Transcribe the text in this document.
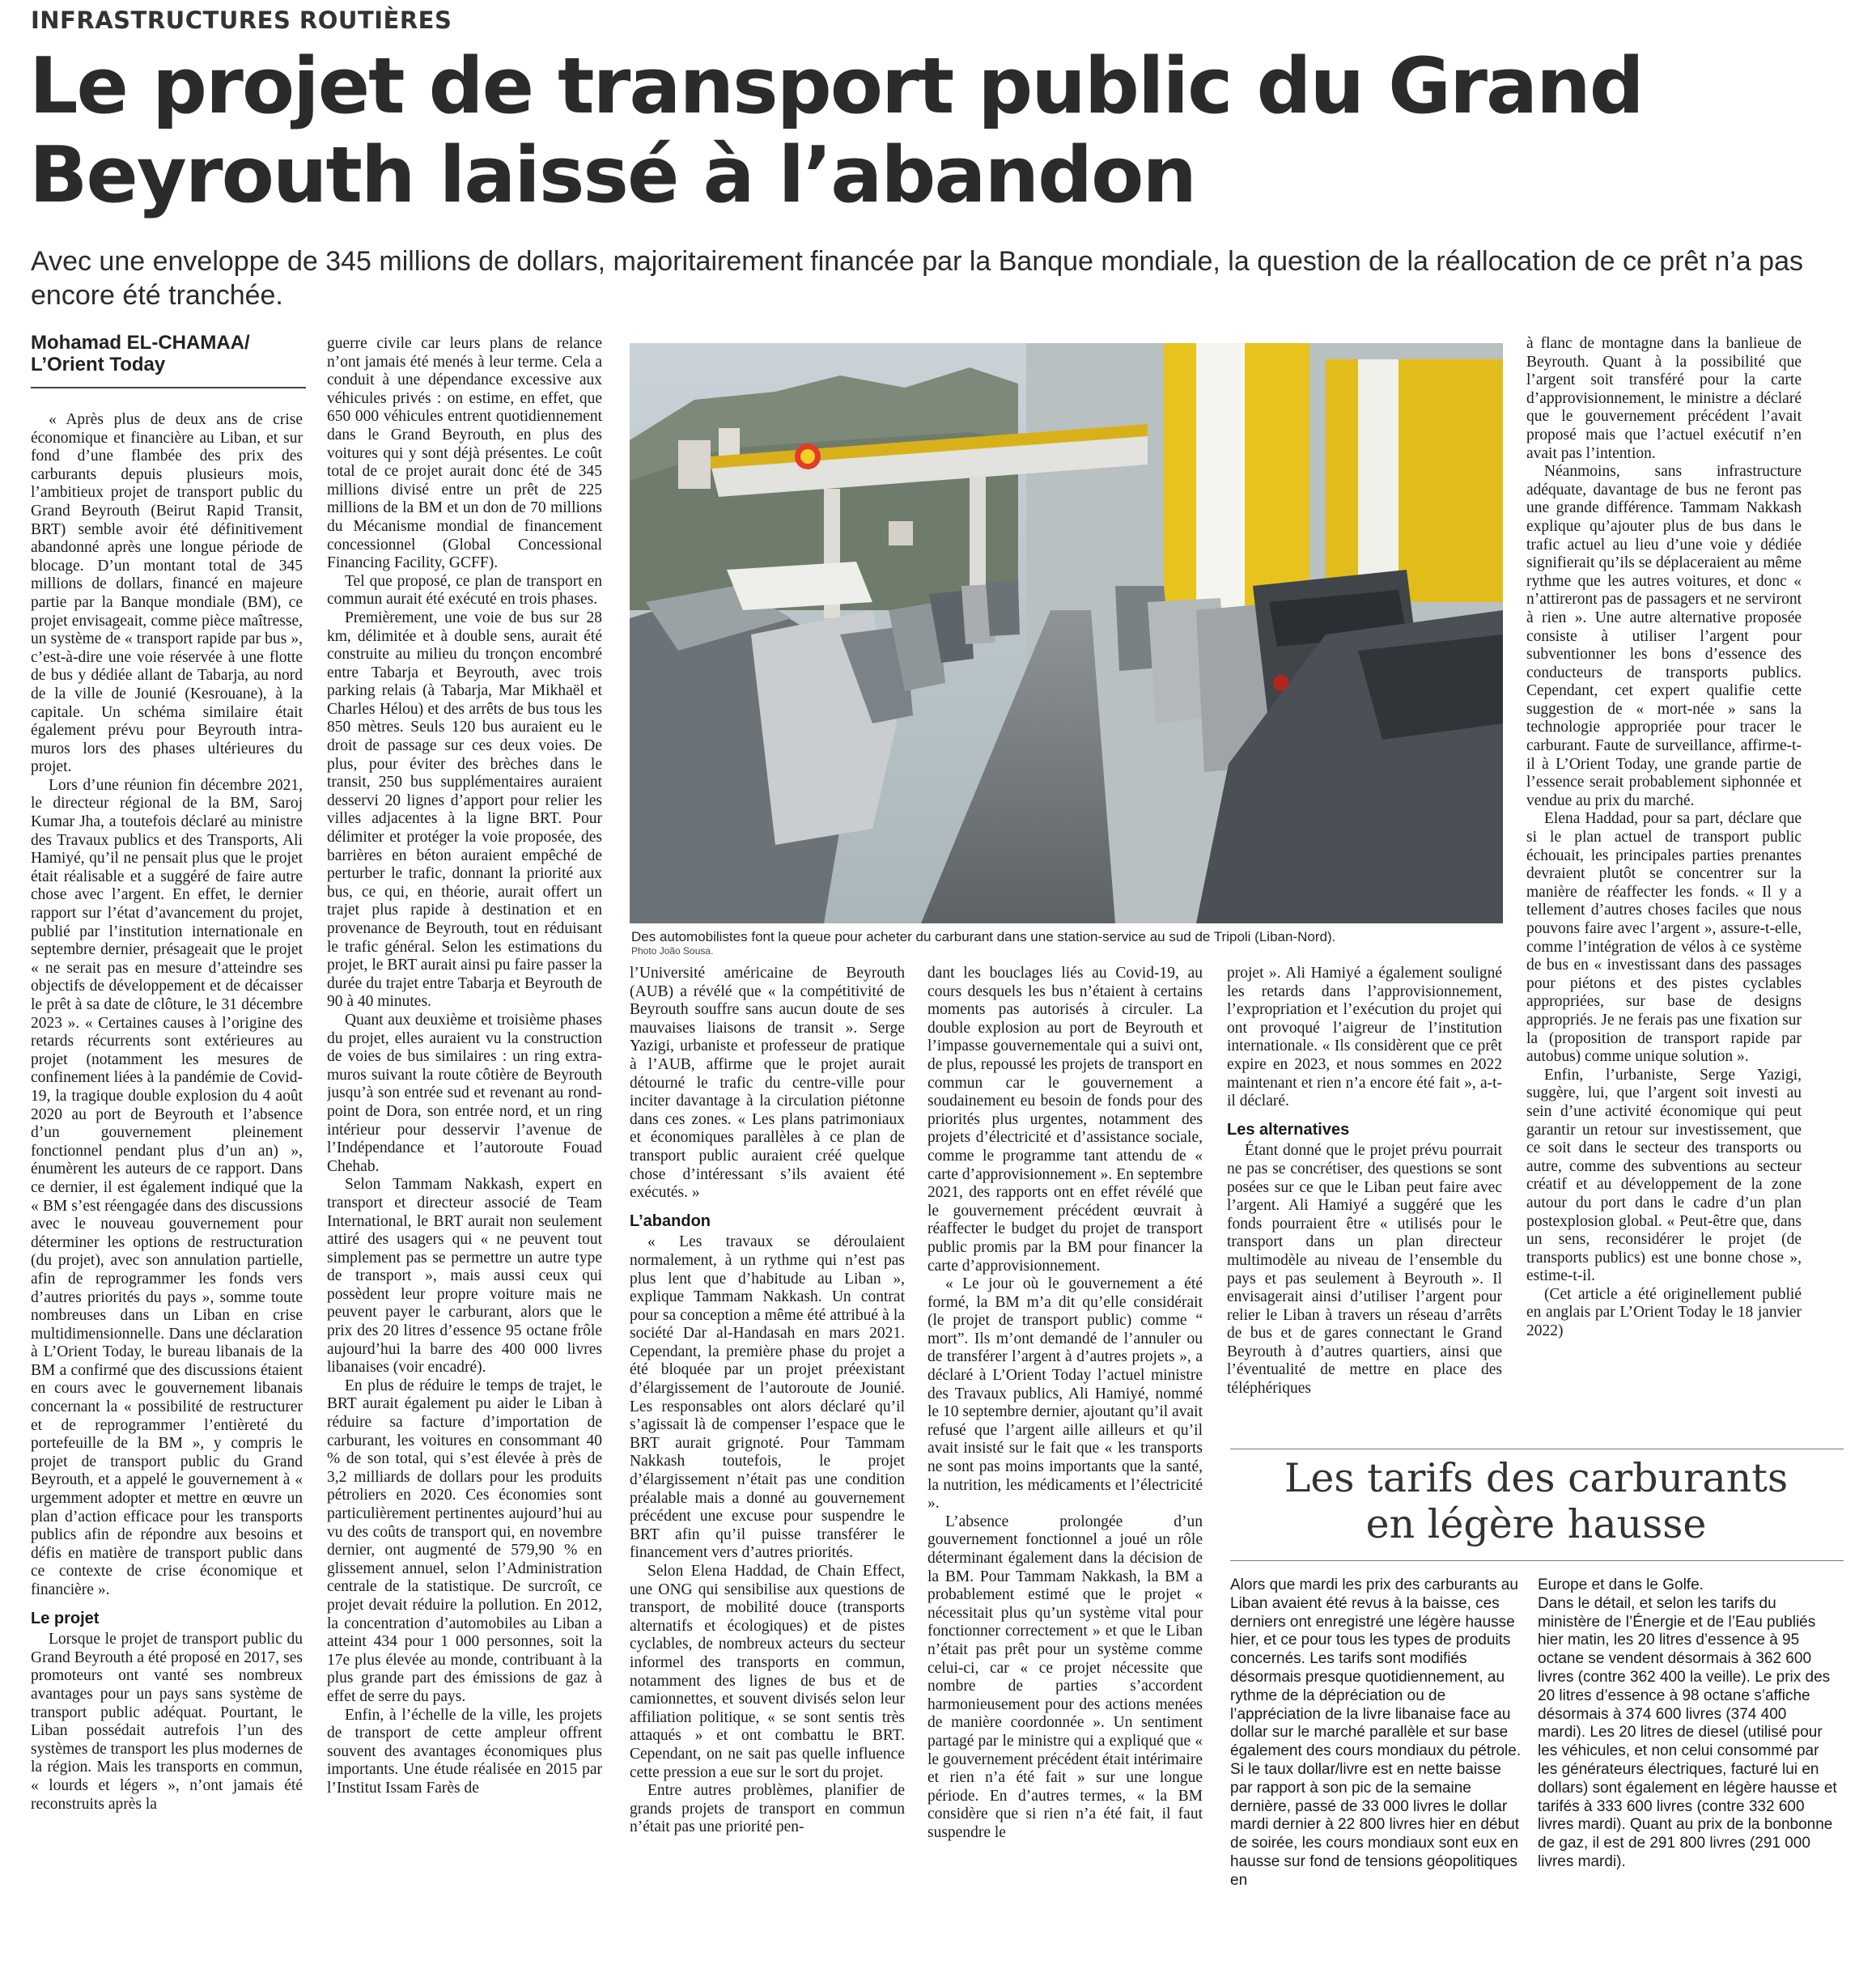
INFRASTRUCTURES ROUTIÈRES
Le projet de transport public du Grand
Beyrouth laissé à l’abandon
Avec une enveloppe de 345 millions de dollars, majoritairement financée par la Banque mondiale, la question de la réallocation de ce prêt n’a pas encore été tranchée.
Mohamad EL-CHAMAA/
L’Orient Today

« Après plus de deux ans de crise économique et financière au Liban, et sur fond d’une flambée des prix des carburants depuis plusieurs mois, l’ambitieux projet de transport public du Grand Beyrouth (Beirut Rapid Transit, BRT) semble avoir été définitivement abandonné après une longue période de blocage. D’un montant total de 345 millions de dollars, financé en majeure partie par la Banque mondiale (BM), ce projet envisageait, comme pièce maîtresse, un système de « transport rapide par bus », c’est-à-dire une voie réservée à une flotte de bus y dédiée allant de Tabarja, au nord de la ville de Jounié (Kesrouane), à la capitale. Un schéma similaire était également prévu pour Beyrouth intra-muros lors des phases ultérieures du projet.

Lors d’une réunion fin décembre 2021, le directeur régional de la BM, Saroj Kumar Jha, a toutefois déclaré au ministre des Travaux publics et des Transports, Ali Hamiyé, qu’il ne pensait plus que le projet était réalisable et a suggéré de faire autre chose avec l’argent. En effet, le dernier rapport sur l’état d’avancement du projet, publié par l’institution internationale en septembre dernier, présageait que le projet « ne serait pas en mesure d’atteindre ses objectifs de développement et de décaisser le prêt à sa date de clôture, le 31 décembre 2023 ». « Certaines causes à l’origine des retards récurrents sont extérieures au projet (notamment les mesures de confinement liées à la pandémie de Covid-19, la tragique double explosion du 4 août 2020 au port de Beyrouth et l’absence d’un gouvernement pleinement fonctionnel pendant plus d’un an) », énumèrent les auteurs de ce rapport. Dans ce dernier, il est également indiqué que la « BM s’est réengagée dans des discussions avec le nouveau gouvernement pour déterminer les options de restructuration (du projet), avec son annulation partielle, afin de reprogrammer les fonds vers d’autres priorités du pays », somme toute nombreuses dans un Liban en crise multidimensionnelle. Dans une déclaration à L’Orient Today, le bureau libanais de la BM a confirmé que des discussions étaient en cours avec le gouvernement libanais concernant la « possibilité de restructurer et de reprogrammer l’entièreté du portefeuille de la BM », y compris le projet de transport public du Grand Beyrouth, et a appelé le gouvernement à « urgemment adopter et mettre en œuvre un plan d’action efficace pour les transports publics afin de répondre aux besoins et défis en matière de transport public dans ce contexte de crise économique et financière ».

Le projet

Lorsque le projet de transport public du Grand Beyrouth a été proposé en 2017, ses promoteurs ont vanté ses nombreux avantages pour un pays sans système de transport public adéquat. Pourtant, le Liban possédait autrefois l’un des systèmes de transport les plus modernes de la région. Mais les transports en commun, « lourds et légers », n’ont jamais été reconstruits après la

guerre civile car leurs plans de relance n’ont jamais été menés à leur terme. Cela a conduit à une dépendance excessive aux véhicules privés : on estime, en effet, que 650 000 véhicules entrent quotidiennement dans le Grand Beyrouth, en plus des voitures qui y sont déjà présentes. Le coût total de ce projet aurait donc été de 345 millions divisé entre un prêt de 225 millions de la BM et un don de 70 millions du Mécanisme mondial de financement concessionnel (Global Concessional Financing Facility, GCFF).

Tel que proposé, ce plan de transport en commun aurait été exécuté en trois phases.

Premièrement, une voie de bus sur 28 km, délimitée et à double sens, aurait été construite au milieu du tronçon encombré entre Tabarja et Beyrouth, avec trois parking relais (à Tabarja, Mar Mikhaël et Charles Hélou) et des arrêts de bus tous les 850 mètres. Seuls 120 bus auraient eu le droit de passage sur ces deux voies. De plus, pour éviter des brèches dans le transit, 250 bus supplémentaires auraient desservi 20 lignes d’apport pour relier les villes adjacentes à la ligne BRT. Pour délimiter et protéger la voie proposée, des barrières en béton auraient empêché de perturber le trafic, donnant la priorité aux bus, ce qui, en théorie, aurait offert un trajet plus rapide à destination et en provenance de Beyrouth, tout en réduisant le trafic général. Selon les estimations du projet, le BRT aurait ainsi pu faire passer la durée du trajet entre Tabarja et Beyrouth de 90 à 40 minutes.

Quant aux deuxième et troisième phases du projet, elles auraient vu la construction de voies de bus similaires : un ring extra-muros suivant la route côtière de Beyrouth jusqu’à son entrée sud et revenant au rond-point de Dora, son entrée nord, et un ring intérieur pour desservir l’avenue de l’Indépendance et l’autoroute Fouad Chehab.

Selon Tammam Nakkash, expert en transport et directeur associé de Team International, le BRT aurait non seulement attiré des usagers qui « ne peuvent tout simplement pas se permettre un autre type de transport », mais aussi ceux qui possèdent leur propre voiture mais ne peuvent payer le carburant, alors que le prix des 20 litres d’essence 95 octane frôle aujourd’hui la barre des 400 000 livres libanaises (voir encadré).

En plus de réduire le temps de trajet, le BRT aurait également pu aider le Liban à réduire sa facture d’importation de carburant, les voitures en consommant 40 % de son total, qui s’est élevée à près de 3,2 milliards de dollars pour les produits pétroliers en 2020. Ces économies sont particulièrement pertinentes aujourd’hui au vu des coûts de transport qui, en novembre dernier, ont augmenté de 579,90 % en glissement annuel, selon l’Administration centrale de la statistique. De surcroît, ce projet devait réduire la pollution. En 2012, la concentration d’automobiles au Liban a atteint 434 pour 1 000 personnes, soit la 17e plus élevée au monde, contribuant à la plus grande part des émissions de gaz à effet de serre du pays.

Enfin, à l’échelle de la ville, les projets de transport de cette ampleur offrent souvent des avantages économiques plus importants. Une étude réalisée en 2015 par l’Institut Issam Farès de

Des automobilistes font la queue pour acheter du carburant dans une station-service au sud de Tripoli (Liban-Nord).
Photo João Sousa.

l’Université américaine de Beyrouth (AUB) a révélé que « la compétitivité de Beyrouth souffre sans aucun doute de ses mauvaises liaisons de transit ». Serge Yazigi, urbaniste et professeur de pratique à l’AUB, affirme que le projet aurait détourné le trafic du centre-ville pour inciter davantage à la circulation piétonne dans ces zones. « Les plans patrimoniaux et économiques parallèles à ce plan de transport public auraient créé quelque chose d’intéressant s’ils avaient été exécutés. »

L’abandon

« Les travaux se déroulaient normalement, à un rythme qui n’est pas plus lent que d’habitude au Liban », explique Tammam Nakkash. Un contrat pour sa conception a même été attribué à la société Dar al-Handasah en mars 2021. Cependant, la première phase du projet a été bloquée par un projet préexistant d’élargissement de l’autoroute de Jounié. Les responsables ont alors déclaré qu’il s’agissait là de compenser l’espace que le BRT aurait grignoté. Pour Tammam Nakkash toutefois, le projet d’élargissement n’était pas une condition préalable mais a donné au gouvernement précédent une excuse pour suspendre le BRT afin qu’il puisse transférer le financement vers d’autres priorités.

Selon Elena Haddad, de Chain Effect, une ONG qui sensibilise aux questions de transport, de mobilité douce (transports alternatifs et écologiques) et de pistes cyclables, de nombreux acteurs du secteur informel des transports en commun, notamment des lignes de bus et de camionnettes, et souvent divisés selon leur affiliation politique, « se sont sentis très attaqués » et ont combattu le BRT. Cependant, on ne sait pas quelle influence cette pression a eue sur le sort du projet.

Entre autres problèmes, planifier de grands projets de transport en commun n’était pas une priorité pen-

dant les bouclages liés au Covid-19, au cours desquels les bus n’étaient à certains moments pas autorisés à circuler. La double explosion au port de Beyrouth et l’impasse gouvernementale qui a suivi ont, de plus, repoussé les projets de transport en commun car le gouvernement a soudainement eu besoin de fonds pour des priorités plus urgentes, notamment des projets d’électricité et d’assistance sociale, comme le programme tant attendu de « carte d’approvisionnement ». En septembre 2021, des rapports ont en effet révélé que le gouvernement précédent œuvrait à réaffecter le budget du projet de transport public promis par la BM pour financer la carte d’approvisionnement.

« Le jour où le gouvernement a été formé, la BM m’a dit qu’elle considérait (le projet de transport public) comme “ mort”. Ils m’ont demandé de l’annuler ou de transférer l’argent à d’autres projets », a déclaré à L’Orient Today l’actuel ministre des Travaux publics, Ali Hamiyé, nommé le 10 septembre dernier, ajoutant qu’il avait refusé que l’argent aille ailleurs et qu’il avait insisté sur le fait que « les transports ne sont pas moins importants que la santé, la nutrition, les médicaments et l’électricité ».

L’absence prolongée d’un gouvernement fonctionnel a joué un rôle déterminant également dans la décision de la BM. Pour Tammam Nakkash, la BM a probablement estimé que le projet « nécessitait plus qu’un système vital pour fonctionner correctement » et que le Liban n’était pas prêt pour un système comme celui-ci, car « ce projet nécessite que nombre de parties s’accordent harmonieusement pour des actions menées de manière coordonnée ». Un sentiment partagé par le ministre qui a expliqué que « le gouvernement précédent était intérimaire et rien n’a été fait » sur une longue période. En d’autres termes, « la BM considère que si rien n’a été fait, il faut suspendre le

projet ». Ali Hamiyé a également souligné les retards dans l’approvisionnement, l’expropriation et l’exécution du projet qui ont provoqué l’aigreur de l’institution internationale. « Ils considèrent que ce prêt expire en 2023, et nous sommes en 2022 maintenant et rien n’a encore été fait », a-t-il déclaré.

Les alternatives

Étant donné que le projet prévu pourrait ne pas se concrétiser, des questions se sont posées sur ce que le Liban peut faire avec l’argent. Ali Hamiyé a suggéré que les fonds pourraient être « utilisés pour le transport dans un plan directeur multimodèle au niveau de l’ensemble du pays et pas seulement à Beyrouth ». Il envisagerait ainsi d’utiliser l’argent pour relier le Liban à travers un réseau d’arrêts de bus et de gares connectant le Grand Beyrouth à d’autres quartiers, ainsi que l’éventualité de mettre en place des téléphériques

à flanc de montagne dans la banlieue de Beyrouth. Quant à la possibilité que l’argent soit transféré pour la carte d’approvisionnement, le ministre a déclaré que le gouvernement précédent l’avait proposé mais que l’actuel exécutif n’en avait pas l’intention.

Néanmoins, sans infrastructure adéquate, davantage de bus ne feront pas une grande différence. Tammam Nakkash explique qu’ajouter plus de bus dans le trafic actuel au lieu d’une voie y dédiée signifierait qu’ils se déplaceraient au même rythme que les autres voitures, et donc « n’attireront pas de passagers et ne serviront à rien ». Une autre alternative proposée consiste à utiliser l’argent pour subventionner les bons d’essence des conducteurs de transports publics. Cependant, cet expert qualifie cette suggestion de « mort-née » sans la technologie appropriée pour tracer le carburant. Faute de surveillance, affirme-t-il à L’Orient Today, une grande partie de l’essence serait probablement siphonnée et vendue au prix du marché.

Elena Haddad, pour sa part, déclare que si le plan actuel de transport public échouait, les principales parties prenantes devraient plutôt se concentrer sur la manière de réaffecter les fonds. « Il y a tellement d’autres choses faciles que nous pouvons faire avec l’argent », assure-t-elle, comme l’intégration de vélos à ce système de bus en « investissant dans des passages pour piétons et des pistes cyclables appropriées, sur base de designs appropriés. Je ne ferais pas une fixation sur la (proposition de transport rapide par autobus) comme unique solution ».

Enfin, l’urbaniste, Serge Yazigi, suggère, lui, que l’argent soit investi au sein d’une activité économique qui peut garantir un retour sur investissement, que ce soit dans le secteur des transports ou autre, comme des subventions au secteur créatif et au développement de la zone autour du port dans le cadre d’un plan postexplosion global. « Peut-être que, dans un sens, reconsidérer le projet (de transports publics) est une bonne chose », estime-t-il.

(Cet article a été originellement publié en anglais par L’Orient Today le 18 janvier 2022)

Les tarifs des carburants
en légère hausse

Alors que mardi les prix des carburants au Liban avaient été revus à la baisse, ces derniers ont enregistré une légère hausse hier, et ce pour tous les types de produits concernés. Les tarifs sont modifiés désormais presque quotidiennement, au rythme de la dépréciation ou de l’appréciation de la livre libanaise face au dollar sur le marché parallèle et sur base également des cours mondiaux du pétrole. Si le taux dollar/livre est en nette baisse par rapport à son pic de la semaine dernière, passé de 33 000 livres le dollar mardi dernier à 22 800 livres hier en début de soirée, les cours mondiaux sont eux en hausse sur fond de tensions géopolitiques en

Europe et dans le Golfe.

Dans le détail, et selon les tarifs du ministère de l’Énergie et de l’Eau publiés hier matin, les 20 litres d’essence à 95 octane se vendent désormais à 362 600 livres (contre 362 400 la veille). Le prix des 20 litres d’essence à 98 octane s’affiche désormais à 374 600 livres (374 400 mardi). Les 20 litres de diesel (utilisé pour les véhicules, et non celui consommé par les générateurs électriques, facturé lui en dollars) sont également en légère hausse et tarifés à 333 600 livres (contre 332 600 livres mardi). Quant au prix de la bonbonne de gaz, il est de 291 800 livres (291 000 livres mardi).
